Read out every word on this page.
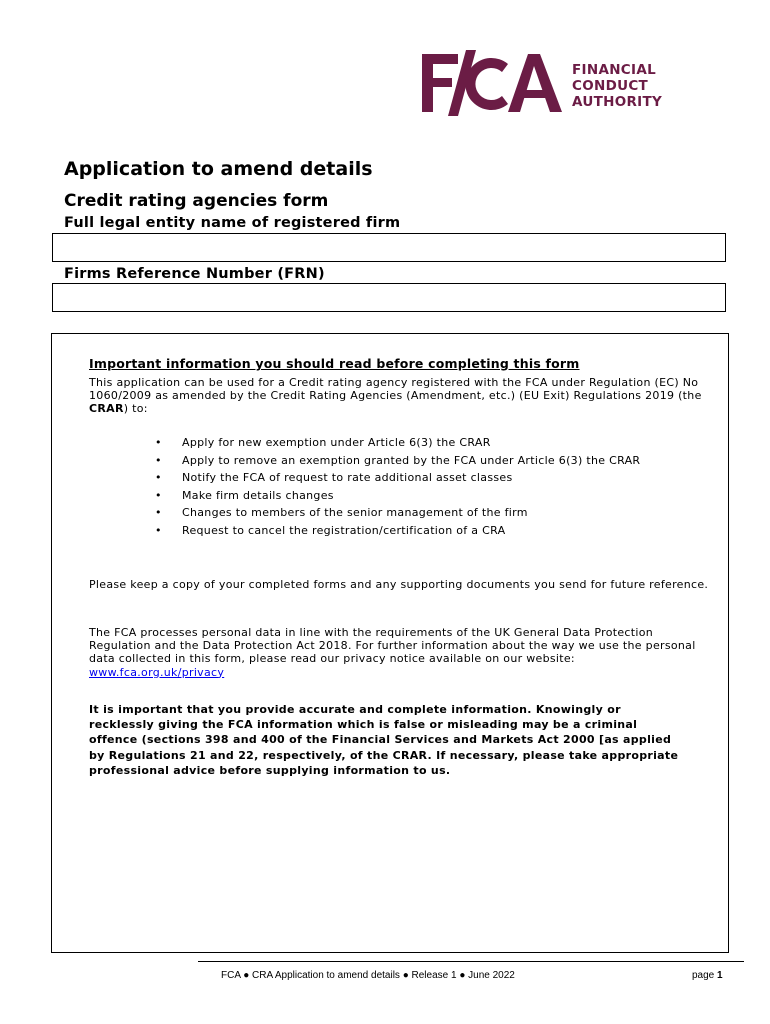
FINANCIAL
CONDUCT
AUTHORITY
Application to amend details
Credit rating agencies form
Full legal entity name of registered firm
Firms Reference Number (FRN)
Important information you should read before completing this form
This application can be used for a Credit rating agency registered with the FCA under Regulation (EC) No 1060/2009 as amended by the Credit Rating Agencies (Amendment, etc.) (EU Exit) Regulations 2019 (the CRAR) to:
• Apply for new exemption under Article 6(3) the CRAR
• Apply to remove an exemption granted by the FCA under Article 6(3) the CRAR
• Notify the FCA of request to rate additional asset classes
• Make firm details changes
• Changes to members of the senior management of the firm
• Request to cancel the registration/certification of a CRA
Please keep a copy of your completed forms and any supporting documents you send for future reference.
The FCA processes personal data in line with the requirements of the UK General Data Protection Regulation and the Data Protection Act 2018. For further information about the way we use the personal data collected in this form, please read our privacy notice available on our website:
www.fca.org.uk/privacy
It is important that you provide accurate and complete information. Knowingly or recklessly giving the FCA information which is false or misleading may be a criminal offence (sections 398 and 400 of the Financial Services and Markets Act 2000 [as applied by Regulations 21 and 22, respectively, of the CRAR. If necessary, please take appropriate professional advice before supplying information to us.
FCA ● CRA Application to amend details ● Release 1 ● June 2022	page 1
